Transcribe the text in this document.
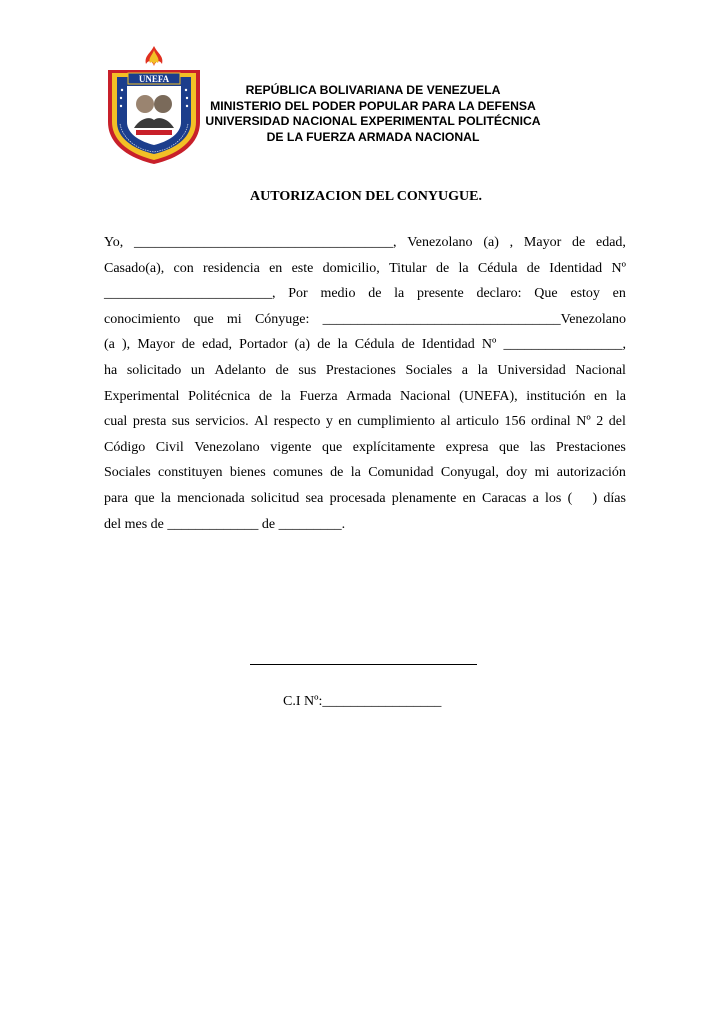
UNEFA
REPÚBLICA BOLIVARIANA DE VENEZUELA
MINISTERIO DEL PODER POPULAR PARA LA DEFENSA
UNIVERSIDAD NACIONAL EXPERIMENTAL POLITÉCNICA
DE LA FUERZA ARMADA NACIONAL
AUTORIZACION DEL CONYUGUE.
Yo, _____________________________________, Venezolano (a) , Mayor de edad,
Casado(a), con residencia en este domicilio, Titular de la Cédula de Identidad Nº
________________________, Por medio de la presente declaro: Que estoy en
conocimiento que mi Cónyuge: __________________________________Venezolano
(a ), Mayor de edad, Portador (a) de la Cédula de Identidad Nº _________________,
ha solicitado un Adelanto de sus Prestaciones Sociales a la Universidad Nacional
Experimental Politécnica de la Fuerza Armada Nacional (UNEFA), institución en la
cual presta sus servicios. Al respecto y en cumplimiento al articulo 156 ordinal Nº 2 del
Código Civil Venezolano vigente que explícitamente expresa que las Prestaciones
Sociales constituyen bienes comunes de la Comunidad Conyugal, doy mi autorización
para que la mencionada solicitud sea procesada plenamente en Caracas a los ( ) días
del mes de _____________ de _________.
C.I Nº:_________________
